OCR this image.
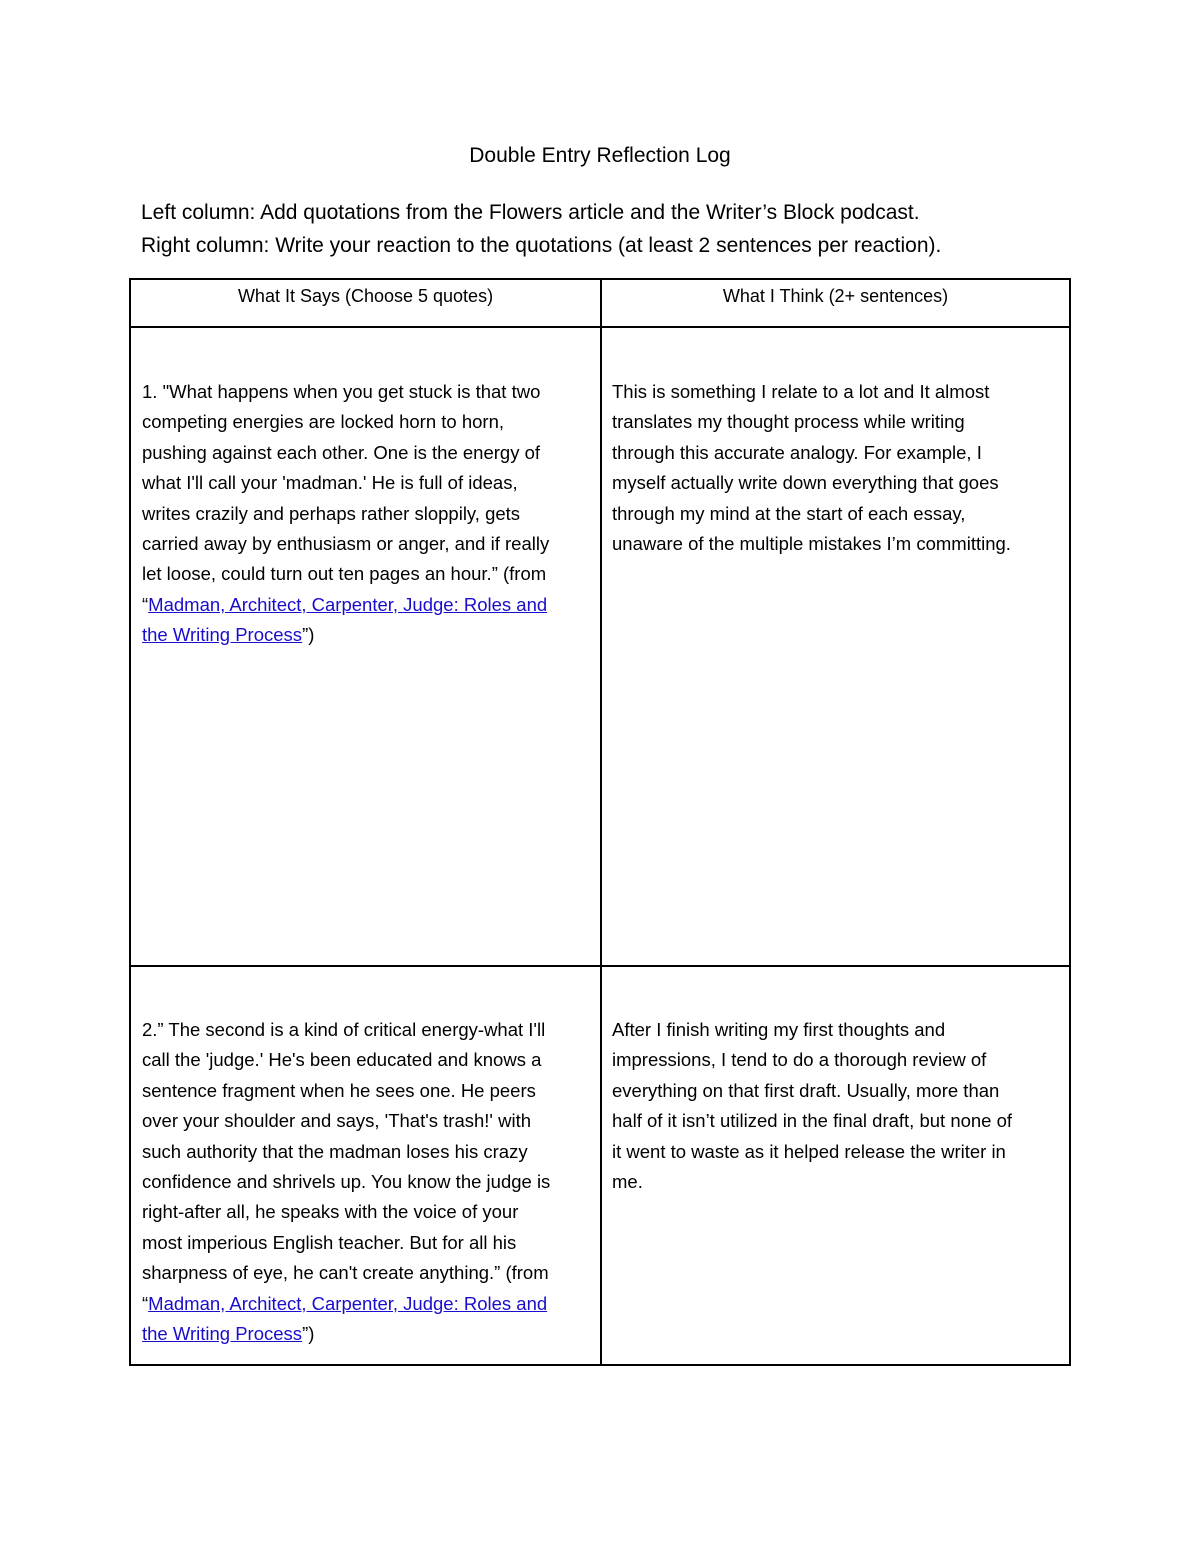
Double Entry Reflection Log
Left column: Add quotations from the Flowers article and the Writer’s Block podcast.
Right column: Write your reaction to the quotations (at least 2 sentences per reaction).
What It Says (Choose 5 quotes)	What I Think (2+ sentences)
1. "What happens when you get stuck is that two
competing energies are locked horn to horn,
pushing against each other. One is the energy of
what I'll call your 'madman.' He is full of ideas,
writes crazily and perhaps rather sloppily, gets
carried away by enthusiasm or anger, and if really
let loose, could turn out ten pages an hour.” (from
“Madman, Architect, Carpenter, Judge: Roles and
the Writing Process”)
This is something I relate to a lot and It almost
translates my thought process while writing
through this accurate analogy. For example, I
myself actually write down everything that goes
through my mind at the start of each essay,
unaware of the multiple mistakes I’m committing.
2.” The second is a kind of critical energy-what I'll
call the 'judge.' He's been educated and knows a
sentence fragment when he sees one. He peers
over your shoulder and says, 'That's trash!' with
such authority that the madman loses his crazy
confidence and shrivels up. You know the judge is
right-after all, he speaks with the voice of your
most imperious English teacher. But for all his
sharpness of eye, he can't create anything.” (from
“Madman, Architect, Carpenter, Judge: Roles and
the Writing Process”)
After I finish writing my first thoughts and
impressions, I tend to do a thorough review of
everything on that first draft. Usually, more than
half of it isn’t utilized in the final draft, but none of
it went to waste as it helped release the writer in
me.
